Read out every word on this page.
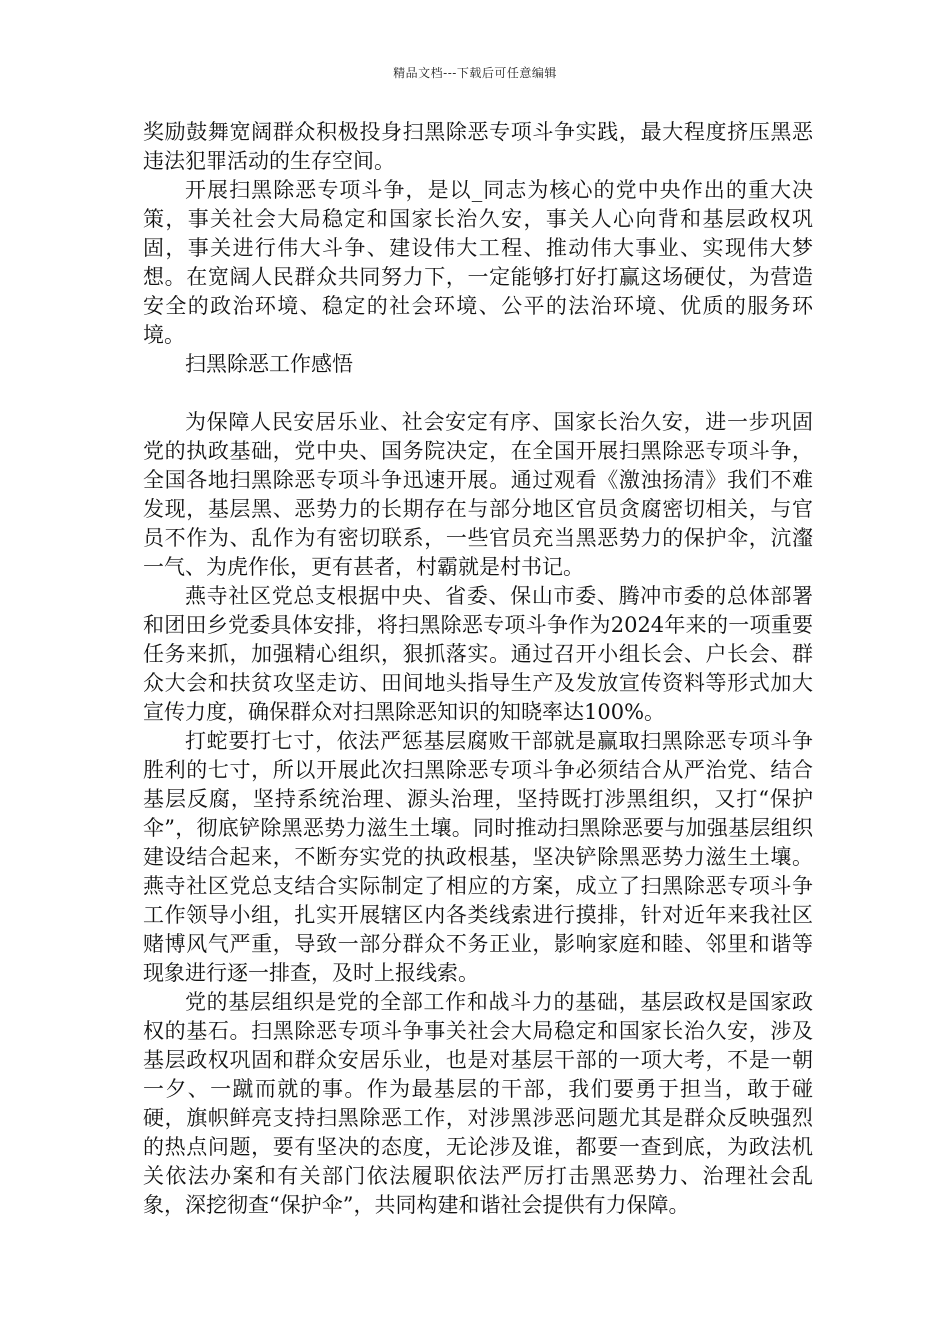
精品文档---下载后可任意编辑

奖励鼓舞宽阔群众积极投身扫黑除恶专项斗争实践，最大程度挤压黑恶违法犯罪活动的生存空间。

开展扫黑除恶专项斗争，是以_同志为核心的党中央作出的重大决策，事关社会大局稳定和国家长治久安，事关人心向背和基层政权巩固，事关进行伟大斗争、建设伟大工程、推动伟大事业、实现伟大梦想。在宽阔人民群众共同努力下，一定能够打好打赢这场硬仗，为营造安全的政治环境、稳定的社会环境、公平的法治环境、优质的服务环境。

扫黑除恶工作感悟

为保障人民安居乐业、社会安定有序、国家长治久安，进一步巩固党的执政基础，党中央、国务院决定，在全国开展扫黑除恶专项斗争，全国各地扫黑除恶专项斗争迅速开展。通过观看《激浊扬清》我们不难发现，基层黑、恶势力的长期存在与部分地区官员贪腐密切相关，与官员不作为、乱作为有密切联系，一些官员充当黑恶势力的保护伞，沆瀣一气、为虎作伥，更有甚者，村霸就是村书记。

燕寺社区党总支根据中央、省委、保山市委、腾冲市委的总体部署和团田乡党委具体安排，将扫黑除恶专项斗争作为2024年来的一项重要任务来抓，加强精心组织，狠抓落实。通过召开小组长会、户长会、群众大会和扶贫攻坚走访、田间地头指导生产及发放宣传资料等形式加大宣传力度，确保群众对扫黑除恶知识的知晓率达100%。

打蛇要打七寸，依法严惩基层腐败干部就是赢取扫黑除恶专项斗争胜利的七寸，所以开展此次扫黑除恶专项斗争必须结合从严治党、结合基层反腐，坚持系统治理、源头治理，坚持既打涉黑组织，又打“保护伞”，彻底铲除黑恶势力滋生土壤。同时推动扫黑除恶要与加强基层组织建设结合起来，不断夯实党的执政根基，坚决铲除黑恶势力滋生土壤。燕寺社区党总支结合实际制定了相应的方案，成立了扫黑除恶专项斗争工作领导小组，扎实开展辖区内各类线索进行摸排，针对近年来我社区赌博风气严重，导致一部分群众不务正业，影响家庭和睦、邻里和谐等现象进行逐一排查，及时上报线索。

党的基层组织是党的全部工作和战斗力的基础，基层政权是国家政权的基石。扫黑除恶专项斗争事关社会大局稳定和国家长治久安，涉及基层政权巩固和群众安居乐业，也是对基层干部的一项大考，不是一朝一夕、一蹴而就的事。作为最基层的干部，我们要勇于担当，敢于碰硬，旗帜鲜亮支持扫黑除恶工作，对涉黑涉恶问题尤其是群众反映强烈的热点问题，要有坚决的态度，无论涉及谁，都要一查到底，为政法机关依法办案和有关部门依法履职依法严厉打击黑恶势力、治理社会乱象，深挖彻查“保护伞”，共同构建和谐社会提供有力保障。
